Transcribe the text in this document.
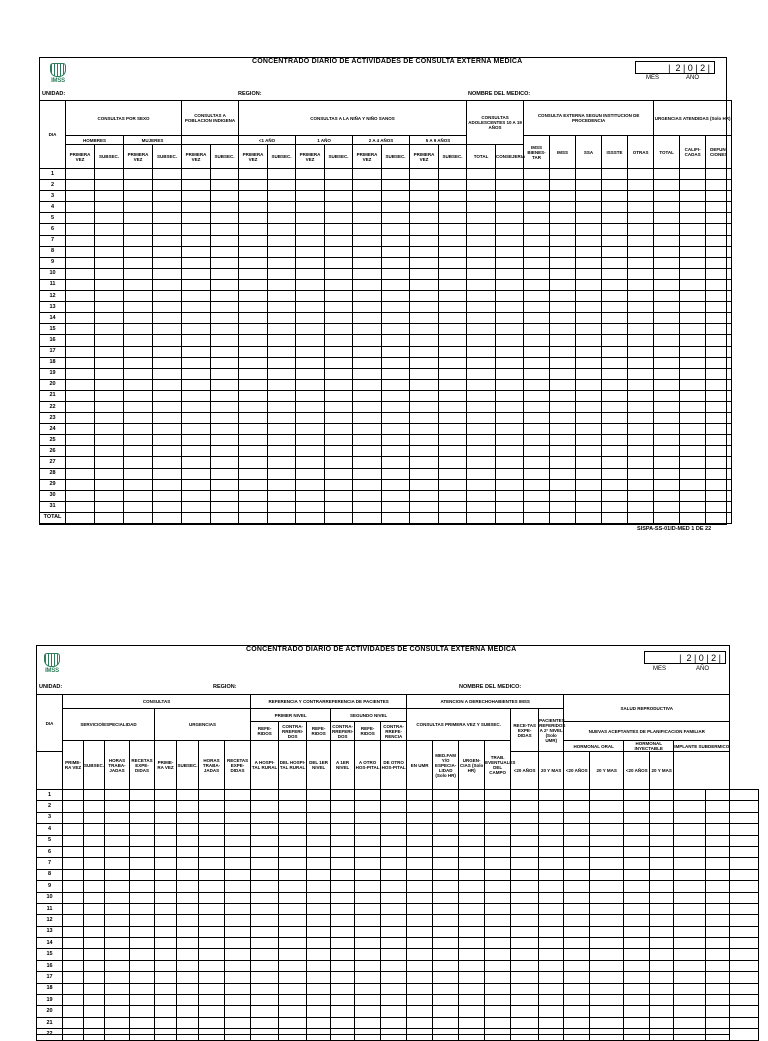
IMSS
CONCENTRADO DIARIO DE ACTIVIDADES DE CONSULTA EXTERNA MEDICA
|  2 | 0 | 2 |
MES	AÑO
UNIDAD:	REGION:	NOMBRE DEL MEDICO:
DIA	CONSULTAS POR SEXO				CONSULTAS A POBLACION INDIGENA		CONSULTAS A LA NIÑA Y NIÑO SANOS								CONSULTAS ADOLESCENTES 10 A 19 AÑOS		CONSULTA EXTERNA SEGUN INSTITUCION DE PROCEDENCIA					URGENCIAS ATENDIDAS (Solo HR)		
	HOMBRES		MUJERES				<1 AÑO		1 AÑO		2 A 4 AÑOS		5 A 9 AÑOS				IMSS BIENES-TAR	IMSS	SSA	ISSSTE	OTRAS	TOTAL	CALIFI-CADAS	DEFUN-CIONES
	PRIMERA VEZ	SUBSEC.	PRIMERA VEZ	SUBSEC.	PRIMERA VEZ	SUBSEC.	PRIMERA VEZ	SUBSEC.	PRIMERA VEZ	SUBSEC.	PRIMERA VEZ	SUBSEC.	PRIMERA VEZ	SUBSEC.	TOTAL	CONSEJERIA								
1																								
2																								
3																								
4																								
5																								
6																								
7																								
8																								
9																								
10																								
11																								
12																								
13																								
14																								
15																								
16																								
17																								
18																								
19																								
20																								
21																								
22																								
23																								
24																								
25																								
26																								
27																								
28																								
29																								
30																								
31																								
TOTAL																								
SISPA-SS-01ID-MED 1 DE 22
IMSS
CONCENTRADO DIARIO DE ACTIVIDADES DE CONSULTA EXTERNA MEDICA
|  2 | 0 | 2 |
MES	AÑO
UNIDAD:	REGION:	NOMBRE DEL MEDICO:
DIA	CONSULTAS								REFERENCIA Y CONTRARREFERENCIA DE PACIENTES						ATENCION A DERECHOHABIENTES IMSS						SALUD REPRODUCTIVA						
	SERVICIO/ESPECIALIDAD				URGENCIAS				PRIMER NIVEL			SEGUNDO NIVEL			CONSULTAS PRIMERA VEZ Y SUBSEC.				RECE-TAS EXPE-DIDAS	PACIENTES REFERIDOS A 2° NIVEL (Solo UMR)							
									REFE-RIDOS	CONTRA-RREFERI-DOS	REFE-RIDOS	CONTRA-RREFERI-DOS	REFE-RIDOS	CONTRA-RREFE-RENCIA							NUEVAS ACEPTANTES DE PLANIFICACION FAMILIAR						
	PRIME-RA VEZ	SUBSEC.	HORAS TRABA-JADAS	RECETAS EXPE-DIDAS	PRIME-RA VEZ	SUBSEC.	HORAS TRABA-JADAS	RECETAS EXPE-DIDAS	A HOSPI-TAL RURAL	DEL HOSPI-TAL RURAL	DEL 1ER NIVEL	A 1ER NIVEL	A OTRO HOS-PITAL	DE OTRO HOS-PITAL	EN UMR	MED.FAM Y/O ESPECIA-LIDAD (Solo HR)	URGEN-CIAS (Solo HR)	TRAB. EVENTUALES DEL CAMPO			HORMONAL ORAL		HORMONAL INYECTABLE		IMPLANTE SUBDERMICO		
																			<20 AÑOS	20 Y MAS	<20 AÑOS	20 Y MAS	<20 AÑOS	20 Y MAS			
1																											
2																											
3																											
4																											
5																											
6																											
7																											
8																											
9																											
10																											
11																											
12																											
13																											
14																											
15																											
16																											
17																											
18																											
19																											
20																											
21																											
22																											
